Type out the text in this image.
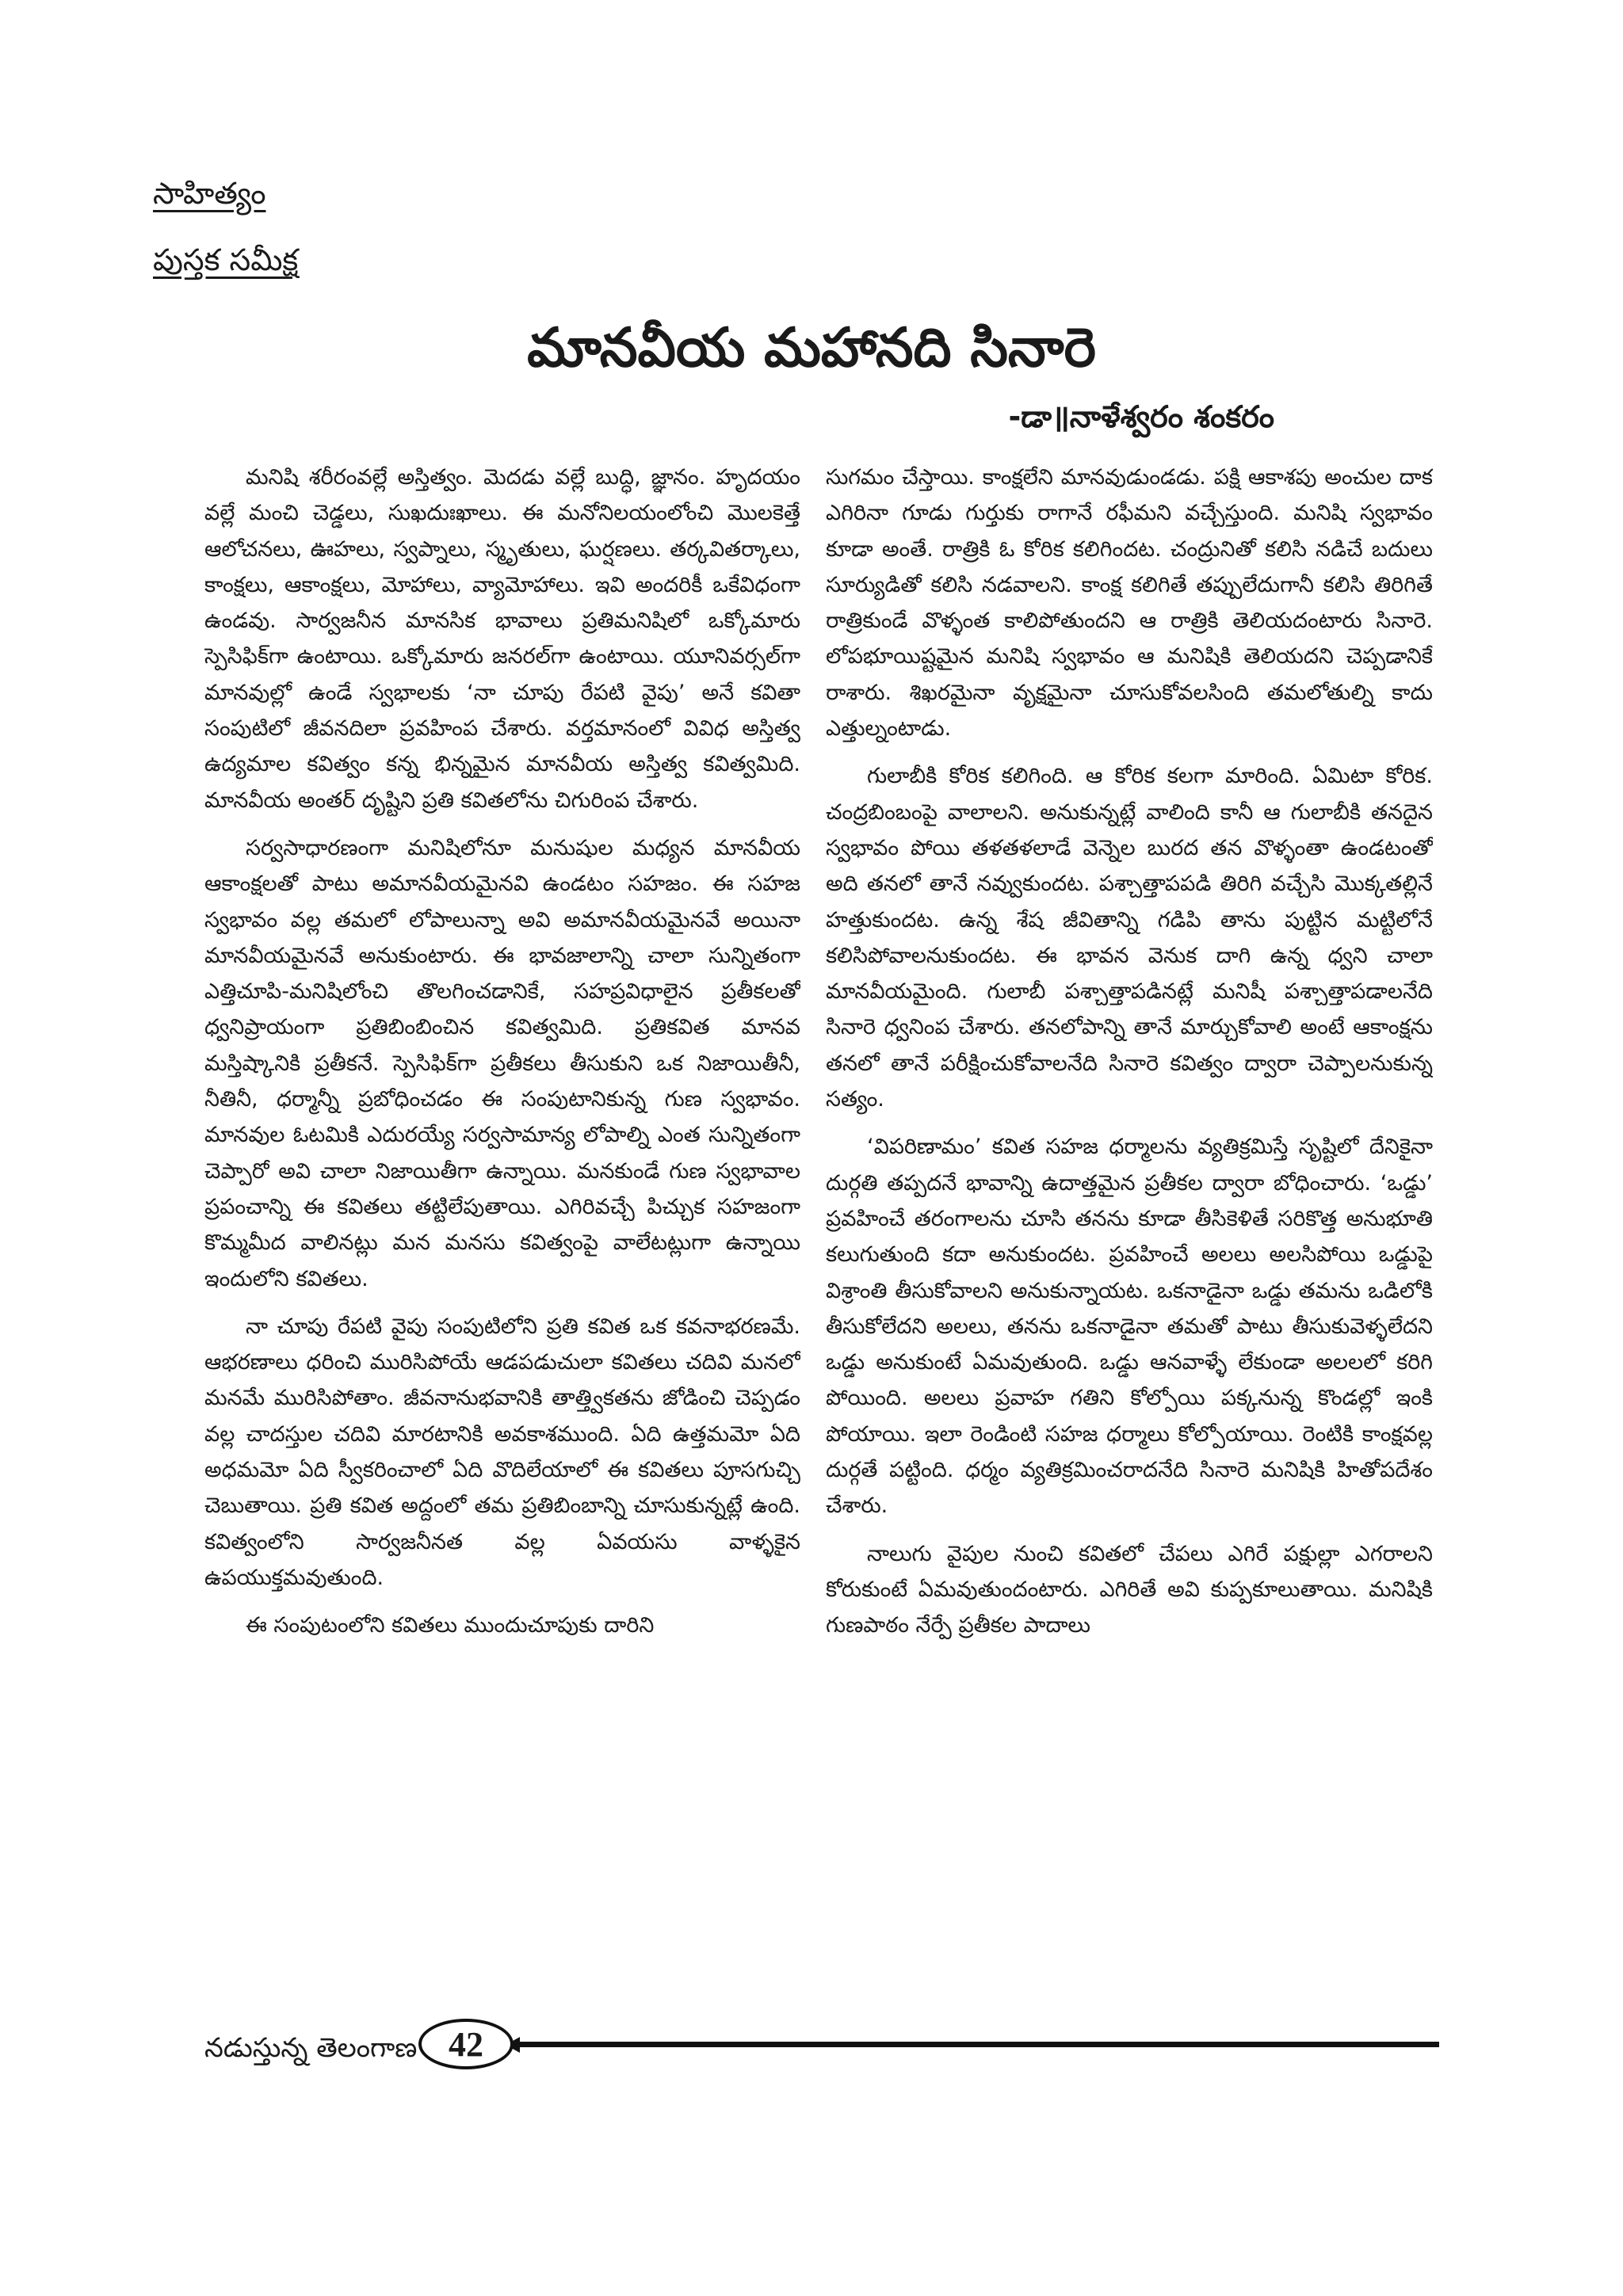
సాహిత్యం
పుస్తక సమీక్ష
మానవీయ మహానది సినారె
-డా॥నాళేశ్వరం శంకరం

మనిషి శరీరంవల్లే అస్తిత్వం. మెదడు వల్లే బుద్ధి, జ్ఞానం. హృదయం వల్లే మంచి చెడ్డలు, సుఖదుఃఖాలు. ఈ మనోనిలయంలోంచి మొలకెత్తే ఆలోచనలు, ఊహలు, స్వప్నాలు, స్మృతులు, ఘర్షణలు. తర్కవితర్కాలు, కాంక్షలు, ఆకాంక్షలు, మోహాలు, వ్యామోహాలు. ఇవి అందరికీ ఒకేవిధంగా ఉండవు. సార్వజనీన మానసిక భావాలు ప్రతిమనిషిలో ఒక్కోమారు స్పెసిఫిక్‌గా ఉంటాయి. ఒక్కోమారు జనరల్‌గా ఉంటాయి. యూనివర్సల్‌గా మానవుల్లో ఉండే స్వభాలకు ‘నా చూపు రేపటి వైపు’ అనే కవితా సంపుటిలో జీవనదిలా ప్రవహింప చేశారు. వర్తమానంలో వివిధ అస్తిత్వ ఉద్యమాల కవిత్వం కన్న భిన్నమైన మానవీయ అస్తిత్వ కవిత్వమిది. మానవీయ అంతర్ దృష్టిని ప్రతి కవితలోను చిగురింప చేశారు.

సర్వసాధారణంగా మనిషిలోనూ మనుషుల మధ్యన మానవీయ ఆకాంక్షలతో పాటు అమానవీయమైనవి ఉండటం సహజం. ఈ సహజ స్వభావం వల్ల తమలో లోపాలున్నా అవి అమానవీయమైనవే అయినా మానవీయమైనవే అనుకుంటారు. ఈ భావజాలాన్ని చాలా సున్నితంగా ఎత్తిచూపి-మనిషిలోంచి తొలగించడానికే, సహప్రవిధాలైన ప్రతీకలతో ధ్వనిప్రాయంగా ప్రతిబింబించిన కవిత్వమిది. ప్రతికవిత మానవ మస్తిష్కానికి ప్రతీకనే. స్పెసిఫిక్‌గా ప్రతీకలు తీసుకుని ఒక నిజాయితీనీ, నీతినీ, ధర్మాన్నీ ప్రబోధించడం ఈ సంపుటానికున్న గుణ స్వభావం. మానవుల ఓటమికి ఎదురయ్యే సర్వసామాన్య లోపాల్ని ఎంత సున్నితంగా చెప్పారో అవి చాలా నిజాయితీగా ఉన్నాయి. మనకుండే గుణ స్వభావాల ప్రపంచాన్ని ఈ కవితలు తట్టిలేపుతాయి. ఎగిరివచ్చే పిచ్చుక సహజంగా కొమ్మమీద వాలినట్లు మన మనసు కవిత్వంపై వాలేటట్లుగా ఉన్నాయి ఇందులోని కవితలు.

నా చూపు రేపటి వైపు సంపుటిలోని ప్రతి కవిత ఒక కవనాభరణమే. ఆభరణాలు ధరించి మురిసిపోయే ఆడపడుచులా కవితలు చదివి మనలో మనమే మురిసిపోతాం. జీవనానుభవానికి తాత్త్వికతను జోడించి చెప్పడం వల్ల చాదస్తుల చదివి మారటానికి అవకాశముంది. ఏది ఉత్తమమో ఏది అధమమో ఏది స్వీకరించాలో ఏది వొదిలేయాలో ఈ కవితలు పూసగుచ్చి చెబుతాయి. ప్రతి కవిత అద్దంలో తమ ప్రతిబింబాన్ని చూసుకున్నట్లే ఉంది. కవిత్వంలోని సార్వజనీనత వల్ల ఏవయసు వాళ్ళకైన ఉపయుక్తమవుతుంది.

ఈ సంపుటంలోని కవితలు ముందుచూపుకు దారిని

సుగమం చేస్తాయి. కాంక్షలేని మానవుడుండడు. పక్షి ఆకాశపు అంచుల దాక ఎగిరినా గూడు గుర్తుకు రాగానే రఫీమని వచ్చేస్తుంది. మనిషి స్వభావం కూడా అంతే. రాత్రికి ఓ కోరిక కలిగిందట. చంద్రునితో కలిసి నడిచే బదులు సూర్యుడితో కలిసి నడవాలని. కాంక్ష కలిగితే తప్పులేదుగానీ కలిసి తిరిగితే రాత్రికుండే వొళ్ళంత కాలిపోతుందని ఆ రాత్రికి తెలియదంటారు సినారె. లోపభూయిష్టమైన మనిషి స్వభావం ఆ మనిషికి తెలియదని చెప్పడానికే రాశారు. శిఖరమైనా వృక్షమైనా చూసుకోవలసింది తమలోతుల్ని కాదు ఎత్తుల్నంటాడు.

గులాబీకి కోరిక కలిగింది. ఆ కోరిక కలగా మారింది. ఏమిటా కోరిక. చంద్రబింబంపై వాలాలని. అనుకున్నట్లే వాలింది కానీ ఆ గులాబీకి తనదైన స్వభావం పోయి తళతళలాడే వెన్నెల బురద తన వొళ్ళంతా ఉండటంతో అది తనలో తానే నవ్వుకుందట. పశ్చాత్తాపపడి తిరిగి వచ్చేసి మొక్కతల్లినే హత్తుకుందట. ఉన్న శేష జీవితాన్ని గడిపి తాను పుట్టిన మట్టిలోనే కలిసిపోవాలనుకుందట. ఈ భావన వెనుక దాగి ఉన్న ధ్వని చాలా మానవీయమైంది. గులాబీ పశ్చాత్తాపడినట్లే మనిషీ పశ్చాత్తాపడాలనేది సినారె ధ్వనింప చేశారు. తనలోపాన్ని తానే మార్చుకోవాలి అంటే ఆకాంక్షను తనలో తానే పరీక్షించుకోవాలనేది సినారె కవిత్వం ద్వారా చెప్పాలనుకున్న సత్యం.

‘విపరిణామం’ కవిత సహజ ధర్మాలను వ్యతిక్రమిస్తే సృష్టిలో దేనికైనా దుర్గతి తప్పదనే భావాన్ని ఉదాత్తమైన ప్రతీకల ద్వారా బోధించారు. ‘ఒడ్డు’ ప్రవహించే తరంగాలను చూసి తనను కూడా తీసికెళితే సరికొత్త అనుభూతి కలుగుతుంది కదా అనుకుందట. ప్రవహించే అలలు అలసిపోయి ఒడ్డుపై విశ్రాంతి తీసుకోవాలని అనుకున్నాయట. ఒకనాడైనా ఒడ్డు తమను ఒడిలోకి తీసుకోలేదని అలలు, తనను ఒకనాడైనా తమతో పాటు తీసుకువెళ్ళలేదని ఒడ్డు అనుకుంటే ఏమవుతుంది. ఒడ్డు ఆనవాళ్ళే లేకుండా అలలలో కరిగి పోయింది. అలలు ప్రవాహ గతిని కోల్పోయి పక్కనున్న కొండల్లో ఇంకి పోయాయి. ఇలా రెండింటి సహజ ధర్మాలు కోల్పోయాయి. రెంటికి కాంక్షవల్ల దుర్గతే పట్టింది. ధర్మం వ్యతిక్రమించరాదనేది సినారె మనిషికి హితోపదేశం చేశారు.

నాలుగు వైపుల నుంచి కవితలో చేపలు ఎగిరే పక్షుల్లా ఎగరాలని కోరుకుంటే ఏమవుతుందంటారు. ఎగిరితే అవి కుప్పకూలుతాయి. మనిషికి గుణపాఠం నేర్పే ప్రతీకల పాదాలు

నడుస్తున్న తెలంగాణ 42
